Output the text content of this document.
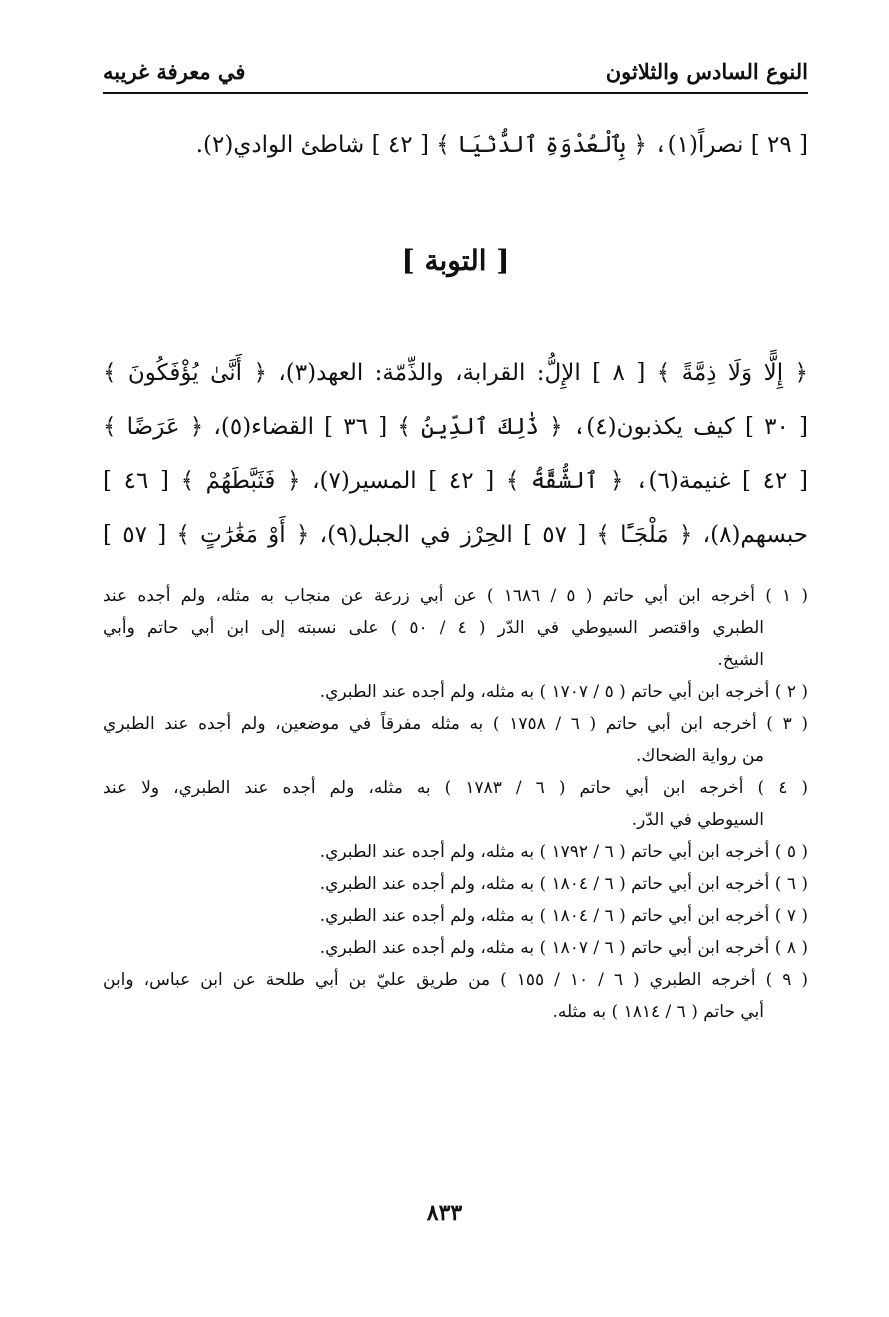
النوع السادس والثلاثون
في معرفة غريبه
[ ٢٩ ] نصراً(١)، ﴿ بِٱلْعُدْوَةِ ٱلدُّنْيَا ﴾ [ ٤٢ ] شاطئ الوادي(٢).
[ التوبة ]
﴿ إِلًّا وَلَا ذِمَّةً ﴾ [ ٨ ] الإِلُّ: القرابة، والذِّمّة: العهد(٣)، ﴿ أَنَّىٰ يُؤْفَكُونَ ﴾
[ ٣٠ ] كيف يكذبون(٤)، ﴿ ذَٰلِكَ ٱلدِّينُ ﴾ [ ٣٦ ] القضاء(٥)، ﴿ عَرَضًا ﴾
[ ٤٢ ] غنيمة(٦)، ﴿ ٱلشُّقَّةُ ﴾ [ ٤٢ ] المسير(٧)، ﴿ فَثَبَّطَهُمْ ﴾ [ ٤٦ ]
حبسهم(٨)، ﴿ مَلْجَـًٔا ﴾ [ ٥٧ ] الحِرْز في الجبل(٩)، ﴿ أَوْ مَغَٰرَٰتٍ ﴾ [ ٥٧ ]
( ١ ) أخرجه ابن أبي حاتم ( ٥ / ١٦٨٦ ) عن أبي زرعة عن منجاب به مثله، ولم أجده عند
الطبري واقتصر السيوطي في الدّر ( ٤ / ٥٠ ) على نسبته إلى ابن أبي حاتم وأبي
الشيخ.
( ٢ ) أخرجه ابن أبي حاتم ( ٥ / ١٧٠٧ ) به مثله، ولم أجده عند الطبري.
( ٣ ) أخرجه ابن أبي حاتم ( ٦ / ١٧٥٨ ) به مثله مفرقاً في موضعين، ولم أجده عند الطبري
من رواية الضحاك.
( ٤ ) أخرجه ابن أبي حاتم ( ٦ / ١٧٨٣ ) به مثله، ولم أجده عند الطبري، ولا عند
السيوطي في الدّر.
( ٥ ) أخرجه ابن أبي حاتم ( ٦ / ١٧٩٢ ) به مثله، ولم أجده عند الطبري.
( ٦ ) أخرجه ابن أبي حاتم ( ٦ / ١٨٠٤ ) به مثله، ولم أجده عند الطبري.
( ٧ ) أخرجه ابن أبي حاتم ( ٦ / ١٨٠٤ ) به مثله، ولم أجده عند الطبري.
( ٨ ) أخرجه ابن أبي حاتم ( ٦ / ١٨٠٧ ) به مثله، ولم أجده عند الطبري.
( ٩ ) أخرجه الطبري ( ٦ / ١٠ / ١٥٥ ) من طريق عليّ بن أبي طلحة عن ابن عباس، وابن
أبي حاتم ( ٦ / ١٨١٤ ) به مثله.
٨٣٣
